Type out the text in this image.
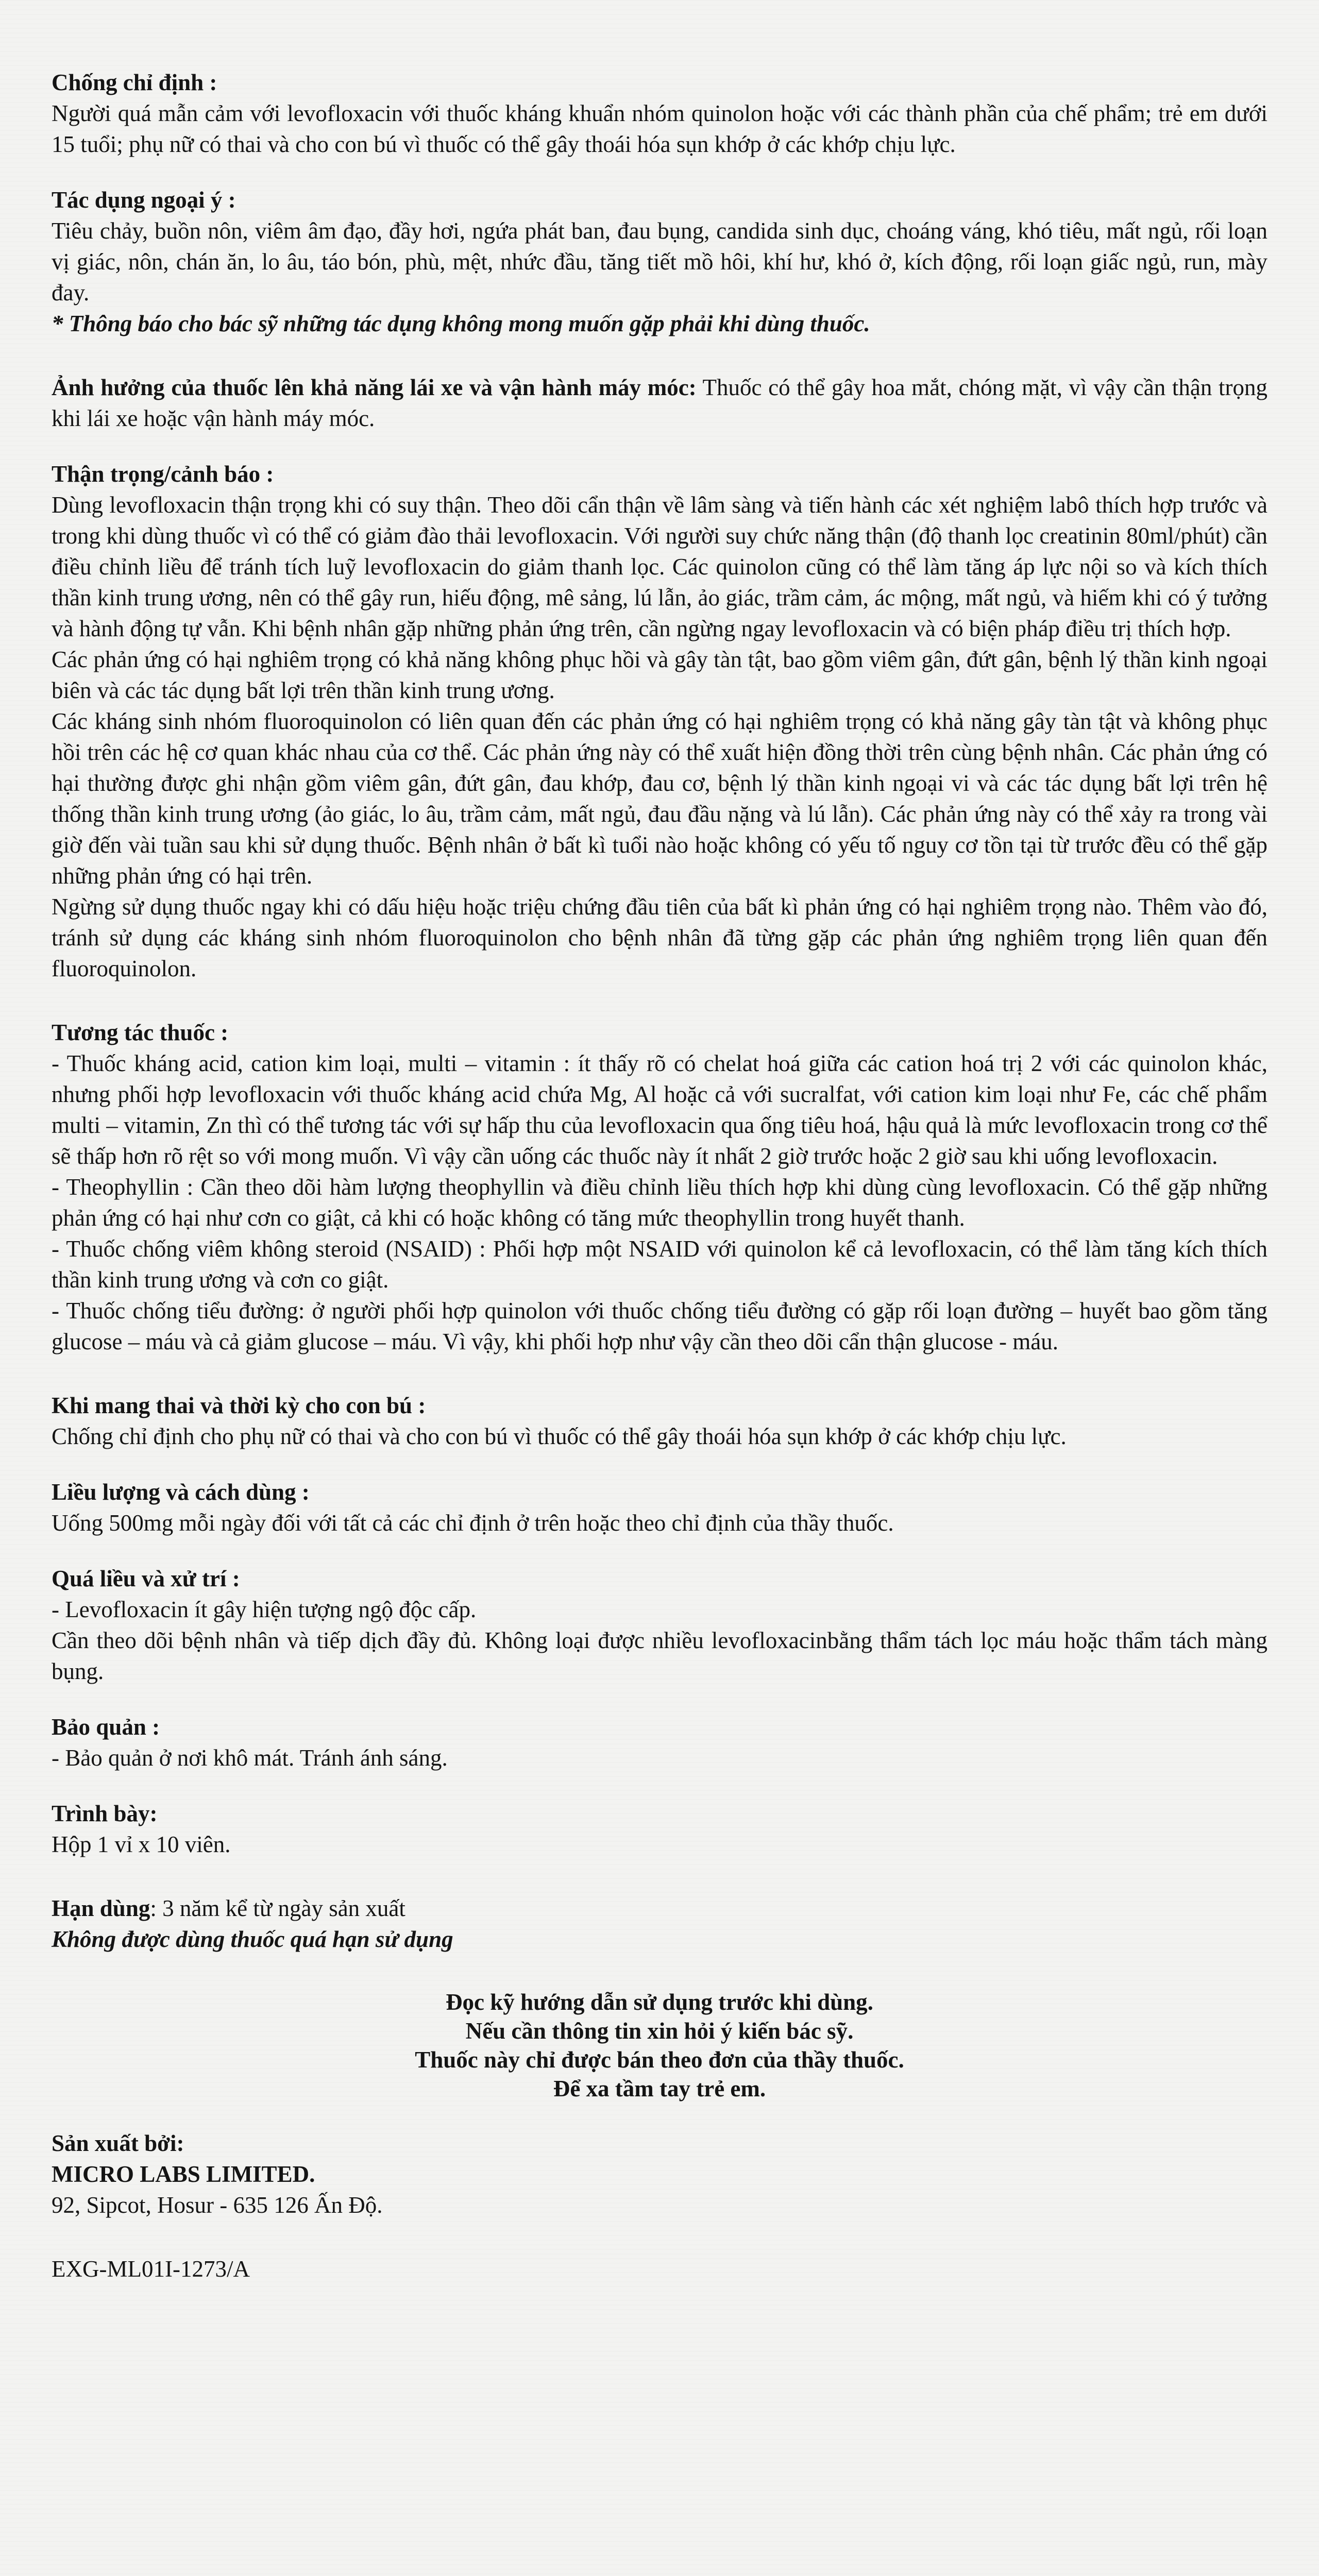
Chống chỉ định :

Người quá mẫn cảm với levofloxacin với thuốc kháng khuẩn nhóm quinolon hoặc với các thành phần của chế phẩm; trẻ em dưới 15 tuổi; phụ nữ có thai và cho con bú vì thuốc có thể gây thoái hóa sụn khớp ở các khớp chịu lực.

Tác dụng ngoại ý :

Tiêu chảy, buồn nôn, viêm âm đạo, đầy hơi, ngứa phát ban, đau bụng, candida sinh dục, choáng váng, khó tiêu, mất ngủ, rối loạn vị giác, nôn, chán ăn, lo âu, táo bón, phù, mệt, nhức đầu, tăng tiết mồ hôi, khí hư, khó ở, kích động, rối loạn giấc ngủ, run, mày đay.

* Thông báo cho bác sỹ những tác dụng không mong muốn gặp phải khi dùng thuốc.

Ảnh hưởng của thuốc lên khả năng lái xe và vận hành máy móc: Thuốc có thể gây hoa mắt, chóng mặt, vì vậy cần thận trọng khi lái xe hoặc vận hành máy móc.

Thận trọng/cảnh báo :

Dùng levofloxacin thận trọng khi có suy thận. Theo dõi cẩn thận về lâm sàng và tiến hành các xét nghiệm labô thích hợp trước và trong khi dùng thuốc vì có thể có giảm đào thải levofloxacin. Với người suy chức năng thận (độ thanh lọc creatinin 80ml/phút) cần điều chỉnh liều để tránh tích luỹ levofloxacin do giảm thanh lọc. Các quinolon cũng có thể làm tăng áp lực nội so và kích thích thần kinh trung ương, nên có thể gây run, hiếu động, mê sảng, lú lẫn, ảo giác, trầm cảm, ác mộng, mất ngủ, và hiếm khi có ý tưởng và hành động tự vẫn. Khi bệnh nhân gặp những phản ứng trên, cần ngừng ngay levofloxacin và có biện pháp điều trị thích hợp.

Các phản ứng có hại nghiêm trọng có khả năng không phục hồi và gây tàn tật, bao gồm viêm gân, đứt gân, bệnh lý thần kinh ngoại biên và các tác dụng bất lợi trên thần kinh trung ương.

Các kháng sinh nhóm fluoroquinolon có liên quan đến các phản ứng có hại nghiêm trọng có khả năng gây tàn tật và không phục hồi trên các hệ cơ quan khác nhau của cơ thể. Các phản ứng này có thể xuất hiện đồng thời trên cùng bệnh nhân. Các phản ứng có hại thường được ghi nhận gồm viêm gân, đứt gân, đau khớp, đau cơ, bệnh lý thần kinh ngoại vi và các tác dụng bất lợi trên hệ thống thần kinh trung ương (ảo giác, lo âu, trầm cảm, mất ngủ, đau đầu nặng và lú lẫn). Các phản ứng này có thể xảy ra trong vài giờ đến vài tuần sau khi sử dụng thuốc. Bệnh nhân ở bất kì tuổi nào hoặc không có yếu tố nguy cơ tồn tại từ trước đều có thể gặp những phản ứng có hại trên.

Ngừng sử dụng thuốc ngay khi có dấu hiệu hoặc triệu chứng đầu tiên của bất kì phản ứng có hại nghiêm trọng nào. Thêm vào đó, tránh sử dụng các kháng sinh nhóm fluoroquinolon cho bệnh nhân đã từng gặp các phản ứng nghiêm trọng liên quan đến fluoroquinolon.

Tương tác thuốc :

- Thuốc kháng acid, cation kim loại, multi – vitamin : ít thấy rõ có chelat hoá giữa các cation hoá trị 2 với các quinolon khác, nhưng phối hợp levofloxacin với thuốc kháng acid chứa Mg, Al hoặc cả với sucralfat, với cation kim loại như Fe, các chế phẩm multi – vitamin, Zn thì có thể tương tác với sự hấp thu của levofloxacin qua ống tiêu hoá, hậu quả là mức levofloxacin trong cơ thể sẽ thấp hơn rõ rệt so với mong muốn. Vì vậy cần uống các thuốc này ít nhất 2 giờ trước hoặc 2 giờ sau khi uống levofloxacin.

- Theophyllin : Cần theo dõi hàm lượng theophyllin và điều chỉnh liều thích hợp khi dùng cùng levofloxacin. Có thể gặp những phản ứng có hại như cơn co giật, cả khi có hoặc không có tăng mức theophyllin trong huyết thanh.

- Thuốc chống viêm không steroid (NSAID) : Phối hợp một NSAID với quinolon kể cả levofloxacin, có thể làm tăng kích thích thần kinh trung ương và cơn co giật.

- Thuốc chống tiểu đường: ở người phối hợp quinolon với thuốc chống tiểu đường có gặp rối loạn đường – huyết bao gồm tăng glucose – máu và cả giảm glucose – máu. Vì vậy, khi phối hợp như vậy cần theo dõi cẩn thận glucose - máu.

Khi mang thai và thời kỳ cho con bú :

Chống chỉ định cho phụ nữ có thai và cho con bú vì thuốc có thể gây thoái hóa sụn khớp ở các khớp chịu lực.

Liều lượng và cách dùng :

Uống 500mg mỗi ngày đối với tất cả các chỉ định ở trên hoặc theo chỉ định của thầy thuốc.

Quá liều và xử trí :

- Levofloxacin ít gây hiện tượng ngộ độc cấp.

Cần theo dõi bệnh nhân và tiếp dịch đầy đủ. Không loại được nhiều levofloxacinbằng thẩm tách lọc máu hoặc thẩm tách màng bụng.

Bảo quản :

- Bảo quản ở nơi khô mát. Tránh ánh sáng.

Trình bày:

Hộp 1 vỉ x 10 viên.

Hạn dùng: 3 năm kể từ ngày sản xuất

Không được dùng thuốc quá hạn sử dụng

Đọc kỹ hướng dẫn sử dụng trước khi dùng.
Nếu cần thông tin xin hỏi ý kiến bác sỹ.
Thuốc này chỉ được bán theo đơn của thầy thuốc.
Để xa tầm tay trẻ em.
Sản xuất bởi:

MICRO LABS LIMITED.

92, Sipcot, Hosur - 635 126 Ấn Độ.

EXG-ML01I-1273/A
